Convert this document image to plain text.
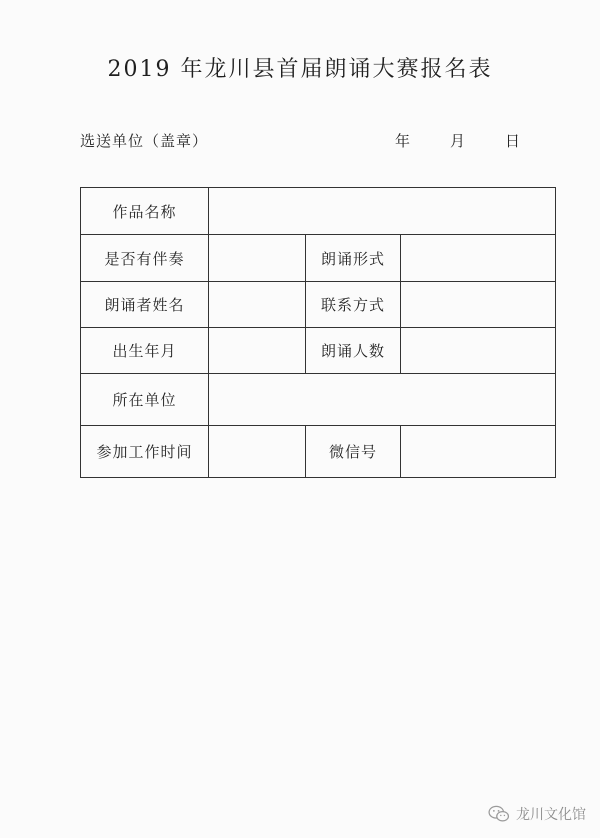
2019 年龙川县首届朗诵大赛报名表
选送单位（盖章）	年	月	日
作品名称			
是否有伴奏		朗诵形式	
朗诵者姓名		联系方式	
出生年月		朗诵人数	
所在单位			
参加工作时间		微信号	
龙川文化馆
